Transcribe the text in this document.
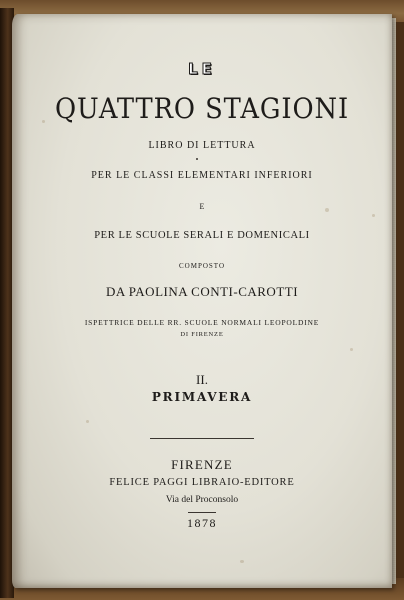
LE
QUATTRO STAGIONI
LIBRO DI LETTURA
PER LE CLASSI ELEMENTARI INFERIORI
E
PER LE SCUOLE SERALI E DOMENICALI
COMPOSTO
DA PAOLINA CONTI-CAROTTI
ISPETTRICE DELLE RR. SCUOLE NORMALI LEOPOLDINE
DI FIRENZE
II.
PRIMAVERA
FIRENZE
FELICE PAGGI LIBRAIO-EDITORE
Via del Proconsolo
1878
